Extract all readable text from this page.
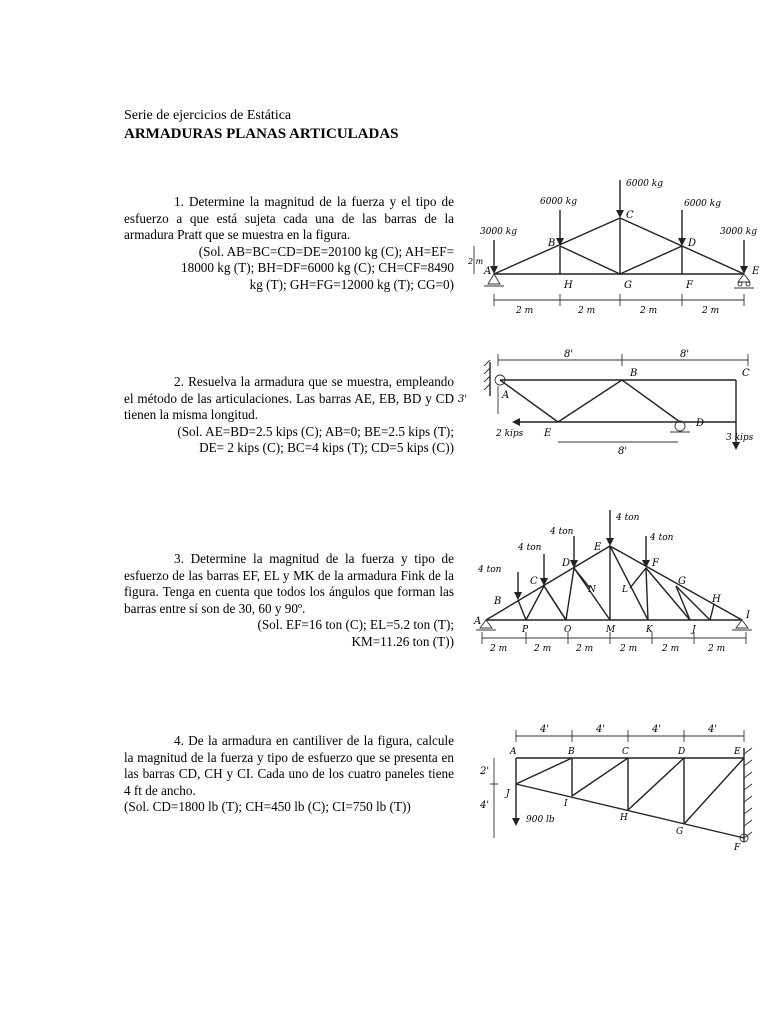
Serie de ejercicios de Estática
ARMADURAS PLANAS ARTICULADAS

1. Determine la magnitud de la fuerza y el tipo de esfuerzo a que está sujeta cada una de las barras de la armadura Pratt que se muestra en la figura.

(Sol. AB=BC=CD=DE=20100 kg (C); AH=EF=

18000 kg (T); BH=DF=6000 kg (C); CH=CF=8490

kg (T); GH=FG=12000 kg (T); CG=0)

2. Resuelva la armadura que se muestra, empleando el método de las articulaciones. Las barras AE, EB, BD y CD tienen la misma longitud.

(Sol. AE=BD=2.5 kips (C); AB=0; BE=2.5 kips (T);

DE= 2 kips (C); BC=4 kips (T); CD=5 kips (C))

3. Determine la magnitud de la fuerza y tipo de esfuerzo de las barras EF, EL y MK de la armadura Fink de la figura. Tenga en cuenta que todos los ángulos que forman las barras entre sí son de 30, 60 y 90º.

(Sol. EF=16 ton (C); EL=5.2 ton (T);

KM=11.26 ton (T))

4. De la armadura en cantiliver de la figura, calcule la magnitud de la fuerza y tipo de esfuerzo que se presenta en las barras CD, CH y CI. Cada uno de los cuatro paneles tiene 4 ft de ancho.

(Sol. CD=1800 lb (T); CH=450 lb (C); CI=750 lb (T))

6000 kg
6000 kg
6000 kg
3000 kg	3000 kg
A
B
C
D
E
H	G	F
2 m
2 m	2 m	2 m	2 m
8'	8'
8'
3'	A
B	C
D
E
2 kips	3 kips
4 ton
4 ton
4 ton
4 ton
4 ton
A
B
C
D
E
F
G
H
I
N	L
P	O	M	K	J
2 m	2 m	2 m	2 m	2 m	2 m
4'	4'	4'	4'
2'
4'
900 lb
A	B	C	D	E
J
I
H
G
F
